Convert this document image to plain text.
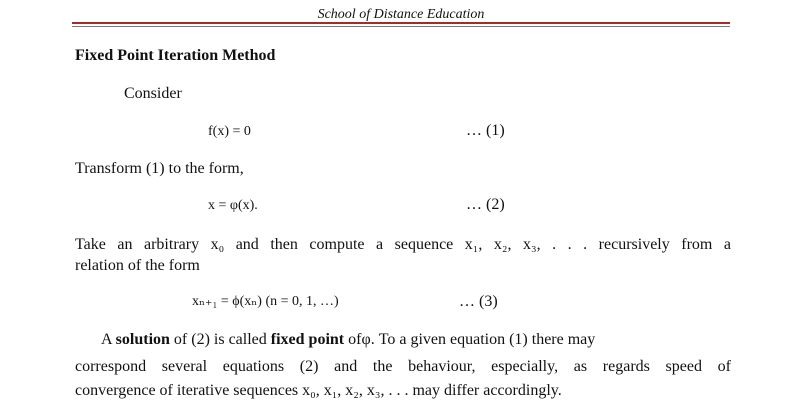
School of Distance Education
Fixed Point Iteration Method
Consider
f(x) = 0	… (1)
Transform (1) to the form,
x = φ(x).	… (2)
Take an arbitrary x₀ and then compute a sequence x₁, x₂, x₃, . . . recursively from a
relation of the form
xₙ₊₁ = ϕ(xₙ) (n = 0, 1, …)	… (3)
A solution of (2) is called fixed point ofφ. To a given equation (1) there may
correspond several equations (2) and the behaviour, especially, as regards speed of
convergence of iterative sequences x₀, x₁, x₂, x₃, . . . may differ accordingly.
